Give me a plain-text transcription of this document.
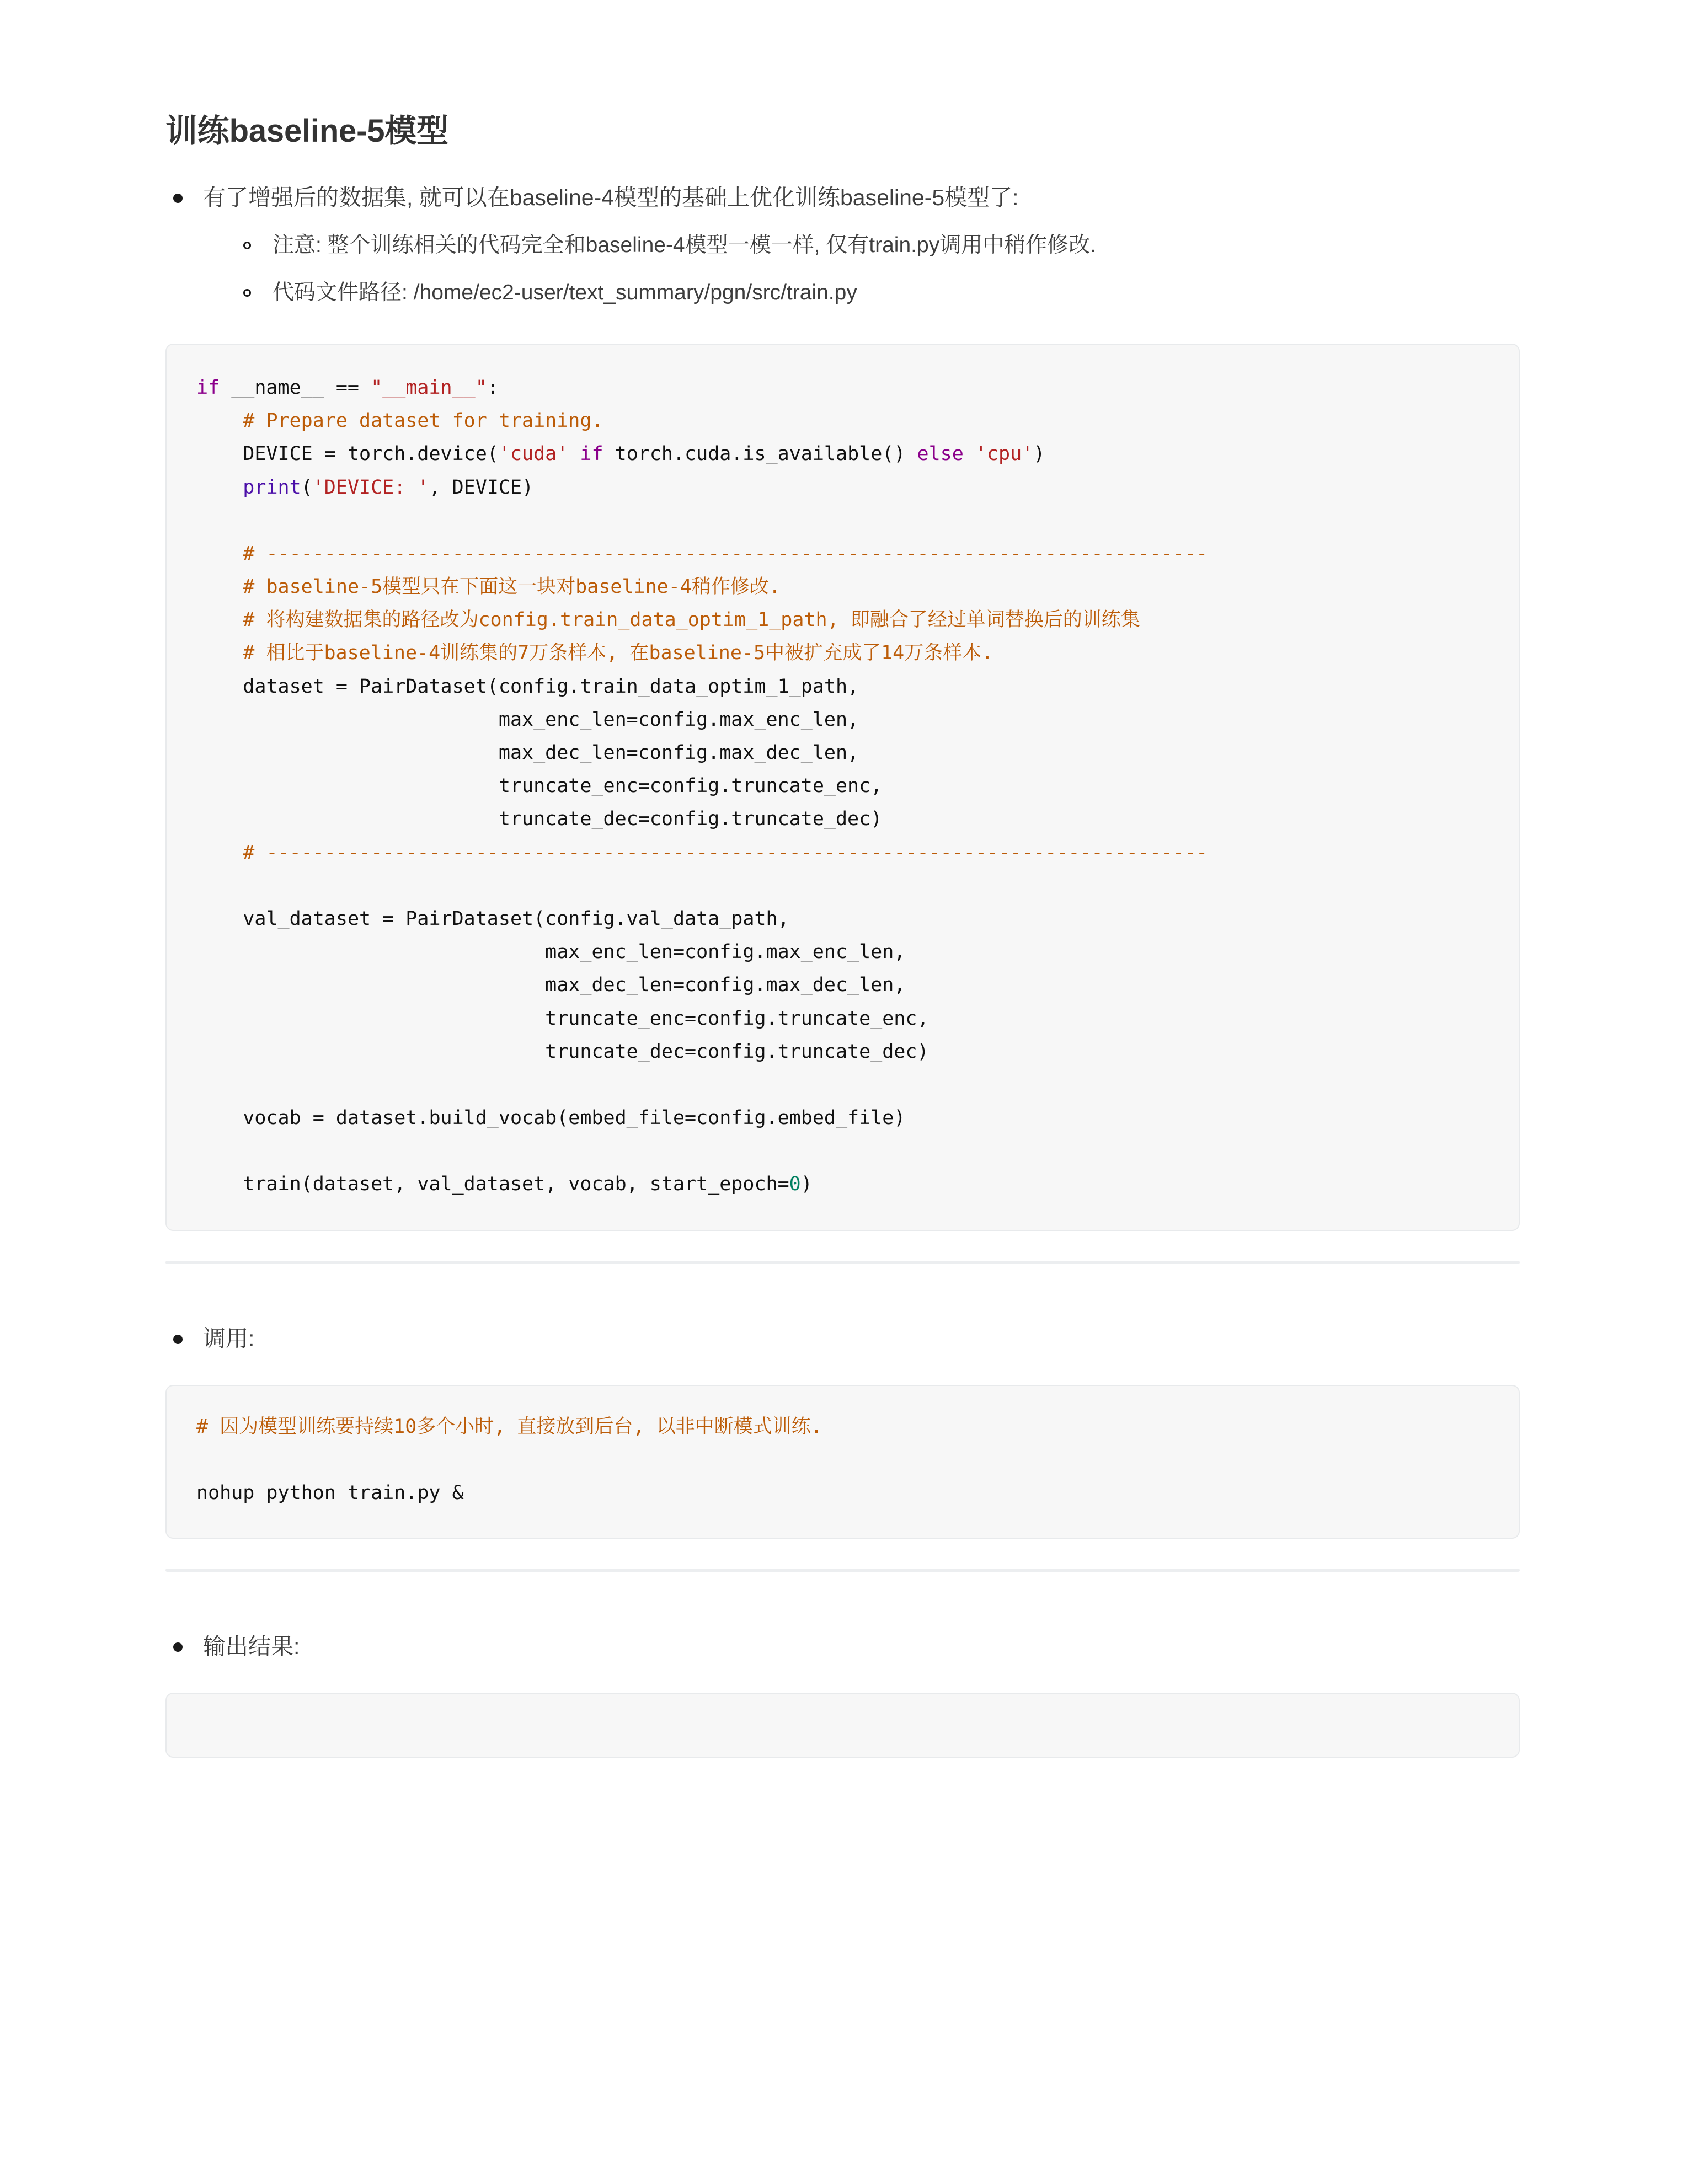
训练baseline-5模型
有了增强后的数据集, 就可以在baseline-4模型的基础上优化训练baseline-5模型了:
注意: 整个训练相关的代码完全和baseline-4模型一模一样, 仅有train.py调用中稍作修改.
代码文件路径: /home/ec2-user/text_summary/pgn/src/train.py
if __name__ == "__main__":
# Prepare dataset for training.
DEVICE = torch.device('cuda' if torch.cuda.is_available() else 'cpu')
print('DEVICE: ', DEVICE)

# ---------------------------------------------------------------------------------
# baseline-5模型只在下面这一块对baseline-4稍作修改.
# 将构建数据集的路径改为config.train_data_optim_1_path, 即融合了经过单词替换后的训练集
# 相比于baseline-4训练集的7万条样本, 在baseline-5中被扩充成了14万条样本.
dataset = PairDataset(config.train_data_optim_1_path,
max_enc_len=config.max_enc_len,
max_dec_len=config.max_dec_len,
truncate_enc=config.truncate_enc,
truncate_dec=config.truncate_dec)
# ---------------------------------------------------------------------------------

val_dataset = PairDataset(config.val_data_path,
max_enc_len=config.max_enc_len,
max_dec_len=config.max_dec_len,
truncate_enc=config.truncate_enc,
truncate_dec=config.truncate_dec)

vocab = dataset.build_vocab(embed_file=config.embed_file)

train(dataset, val_dataset, vocab, start_epoch=0)
调用:
# 因为模型训练要持续10多个小时, 直接放到后台, 以非中断模式训练.

nohup python train.py &
输出结果:
